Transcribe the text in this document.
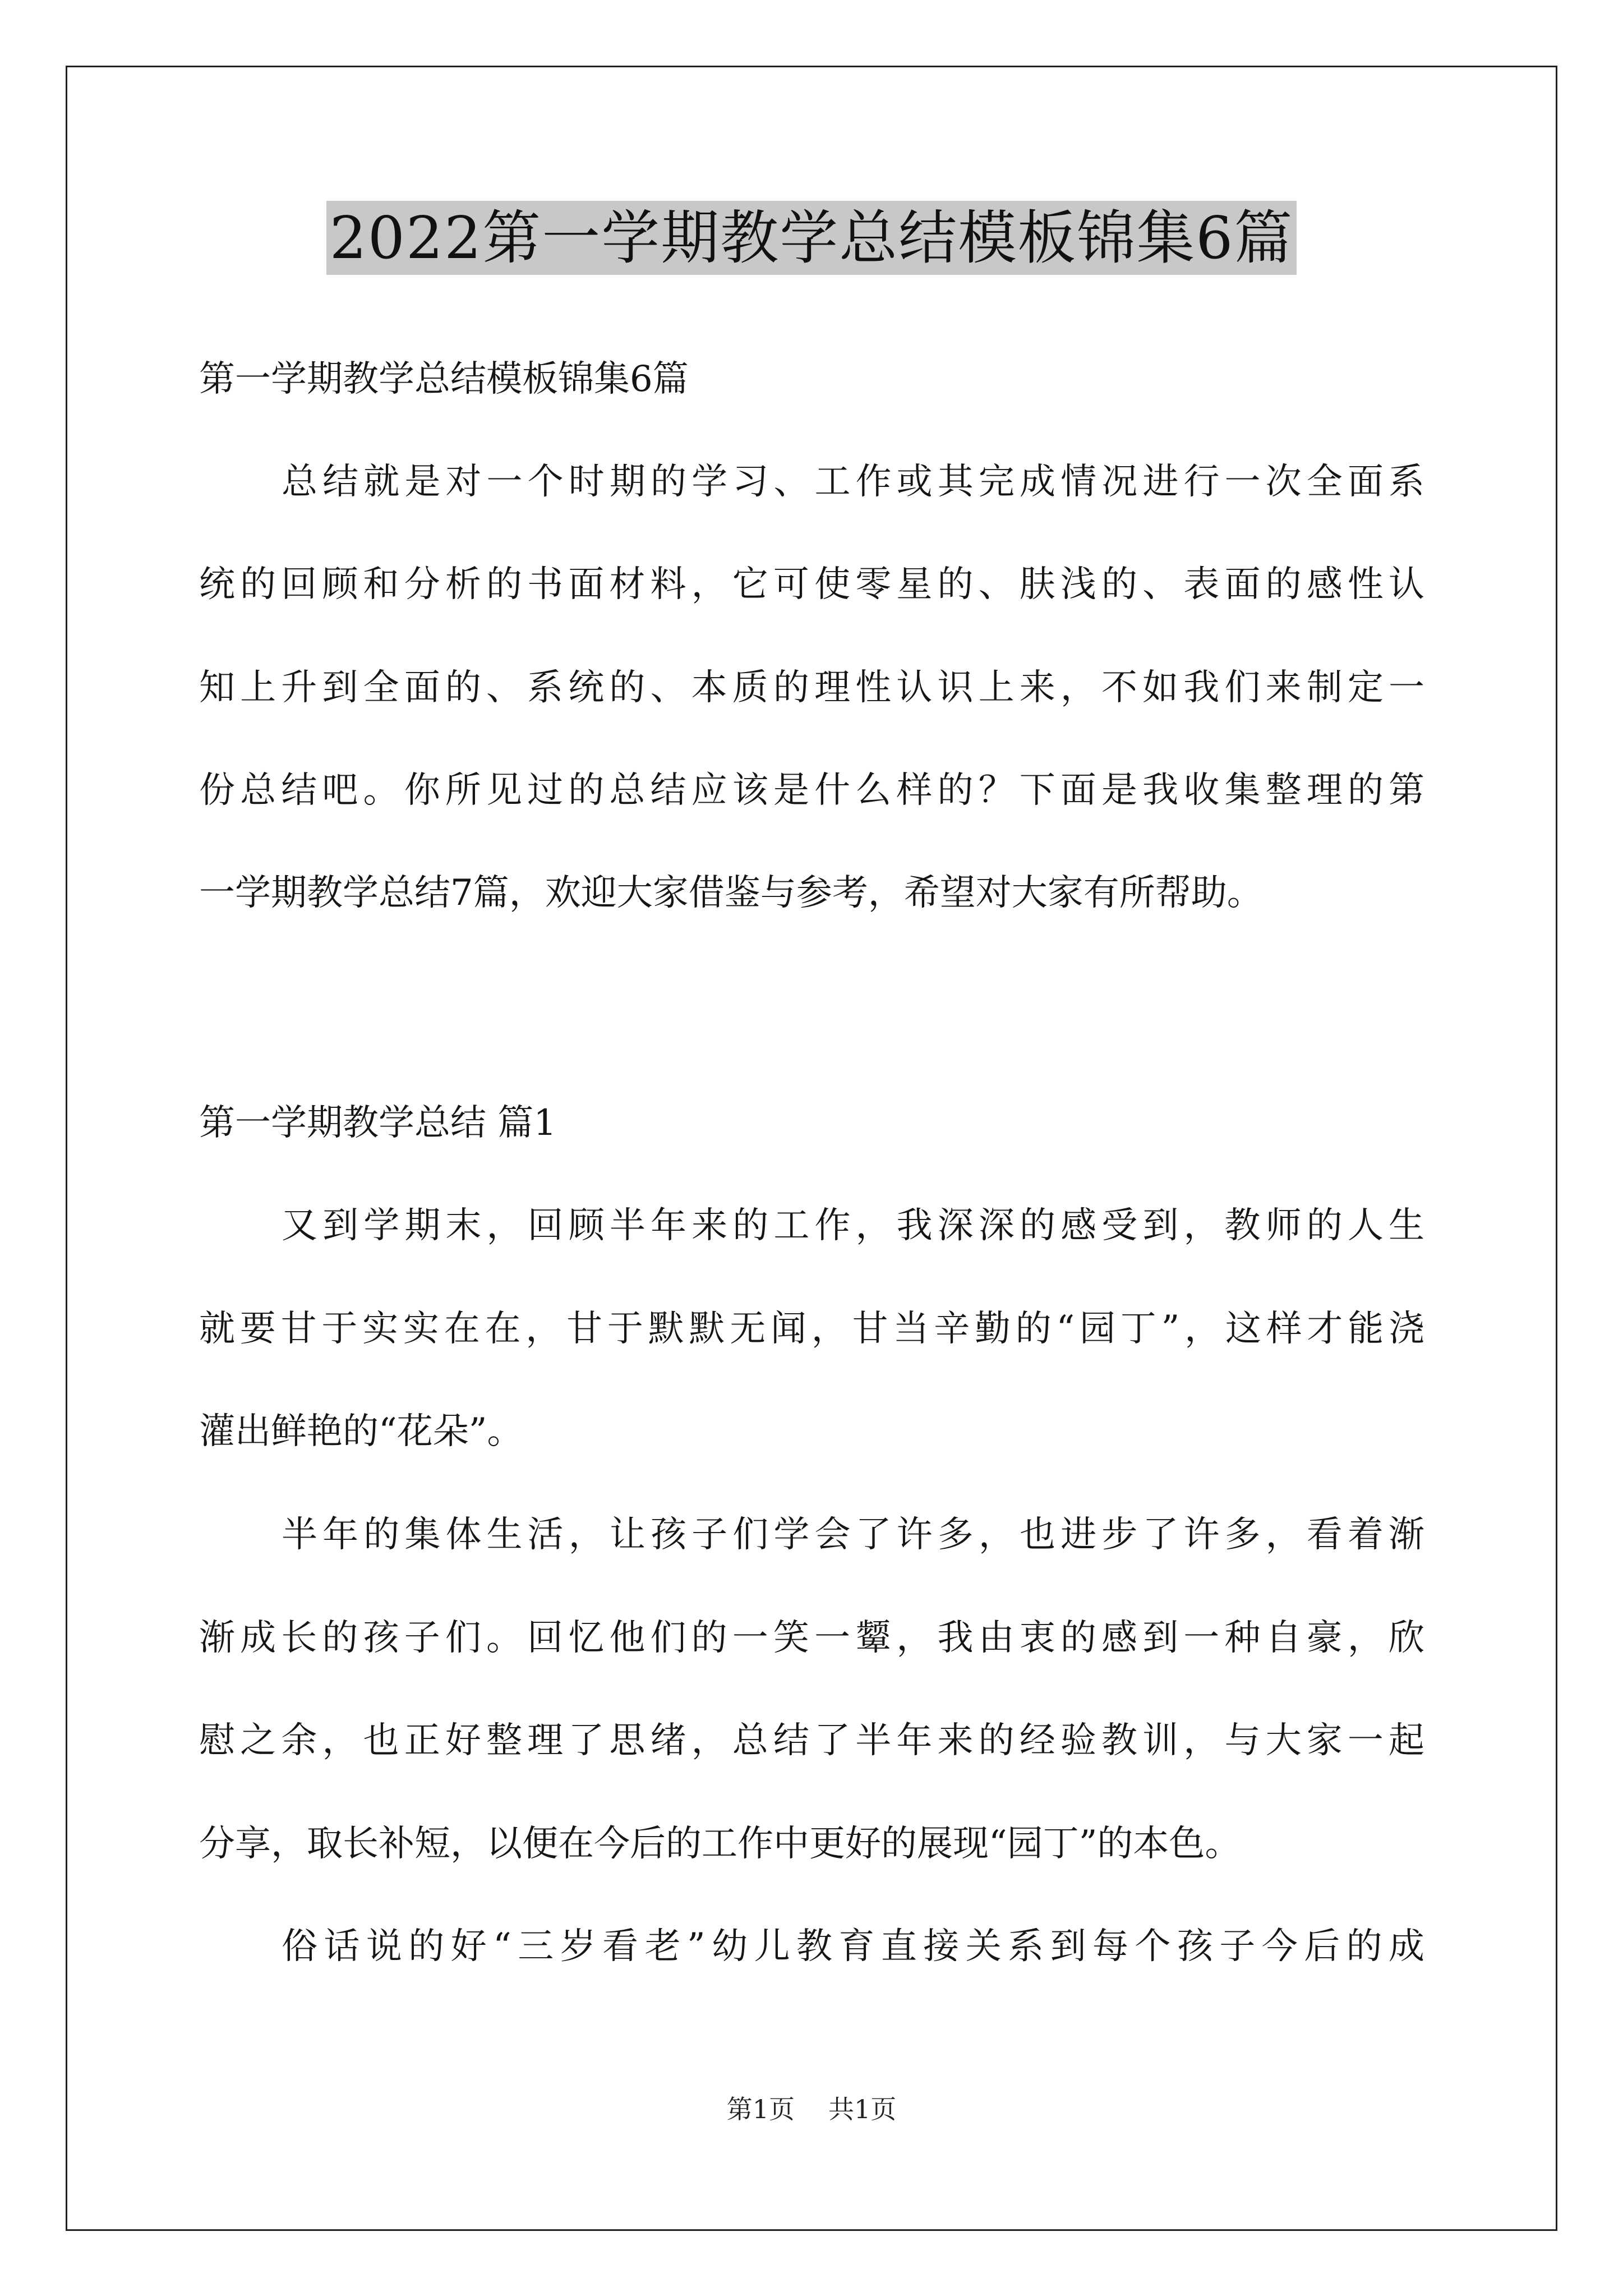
2022第一学期教学总结模板锦集6篇
第一学期教学总结模板锦集6篇
总结就是对一个时期的学习、工作或其完成情况进行一次全面系
统的回顾和分析的书面材料，它可使零星的、肤浅的、表面的感性认
知上升到全面的、系统的、本质的理性认识上来，不如我们来制定一
份总结吧。你所见过的总结应该是什么样的？下面是我收集整理的第
一学期教学总结7篇，欢迎大家借鉴与参考，希望对大家有所帮助。
第一学期教学总结 篇1
又到学期末，回顾半年来的工作，我深深的感受到，教师的人生
就要甘于实实在在，甘于默默无闻，甘当辛勤的“园丁”，这样才能浇
灌出鲜艳的“花朵”。
半年的集体生活，让孩子们学会了许多，也进步了许多，看着渐
渐成长的孩子们。回忆他们的一笑一颦，我由衷的感到一种自豪，欣
慰之余，也正好整理了思绪，总结了半年来的经验教训，与大家一起
分享，取长补短，以便在今后的工作中更好的展现“园丁”的本色。
俗话说的好“三岁看老”幼儿教育直接关系到每个孩子今后的成
第1页 共1页
